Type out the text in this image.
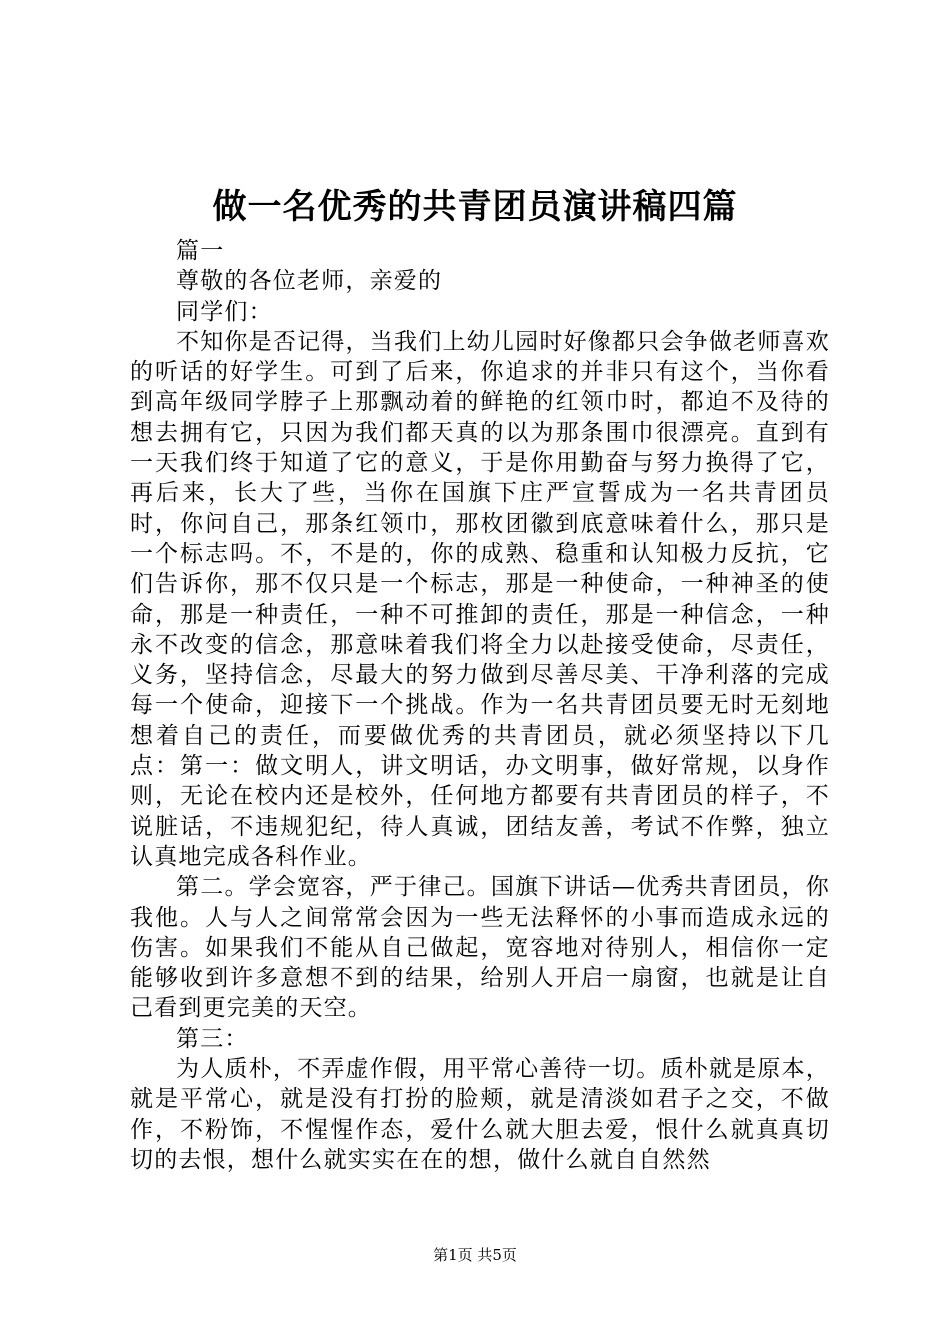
做一名优秀的共青团员演讲稿四篇

篇一

尊敬的各位老师，亲爱的

同学们：

不知你是否记得，当我们上幼儿园时好像都只会争做老师喜欢的听话的好学生。可到了后来，你追求的并非只有这个，当你看到高年级同学脖子上那飘动着的鲜艳的红领巾时，都迫不及待的想去拥有它，只因为我们都天真的以为那条围巾很漂亮。直到有一天我们终于知道了它的意义，于是你用勤奋与努力换得了它，再后来，长大了些，当你在国旗下庄严宣誓成为一名共青团员时，你问自己，那条红领巾，那枚团徽到底意味着什么，那只是一个标志吗。不，不是的，你的成熟、稳重和认知极力反抗，它们告诉你，那不仅只是一个标志，那是一种使命，一种神圣的使命，那是一种责任，一种不可推卸的责任，那是一种信念，一种永不改变的信念，那意味着我们将全力以赴接受使命，尽责任，义务，坚持信念，尽最大的努力做到尽善尽美、干净利落的完成每一个使命，迎接下一个挑战。作为一名共青团员要无时无刻地想着自己的责任，而要做优秀的共青团员，就必须坚持以下几点：第一：做文明人，讲文明话，办文明事，做好常规，以身作则，无论在校内还是校外，任何地方都要有共青团员的样子，不说脏话，不违规犯纪，待人真诚，团结友善，考试不作弊，独立认真地完成各科作业。

第二。学会宽容，严于律己。国旗下讲话—优秀共青团员，你我他。人与人之间常常会因为一些无法释怀的小事而造成永远的伤害。如果我们不能从自己做起，宽容地对待别人，相信你一定能够收到许多意想不到的结果，给别人开启一扇窗，也就是让自己看到更完美的天空。

第三：

为人质朴，不弄虚作假，用平常心善待一切。质朴就是原本，就是平常心，就是没有打扮的脸颊，就是清淡如君子之交，不做作，不粉饰，不惺惺作态，爱什么就大胆去爱，恨什么就真真切切的去恨，想什么就实实在在的想，做什么就自自然然

第1页 共5页
